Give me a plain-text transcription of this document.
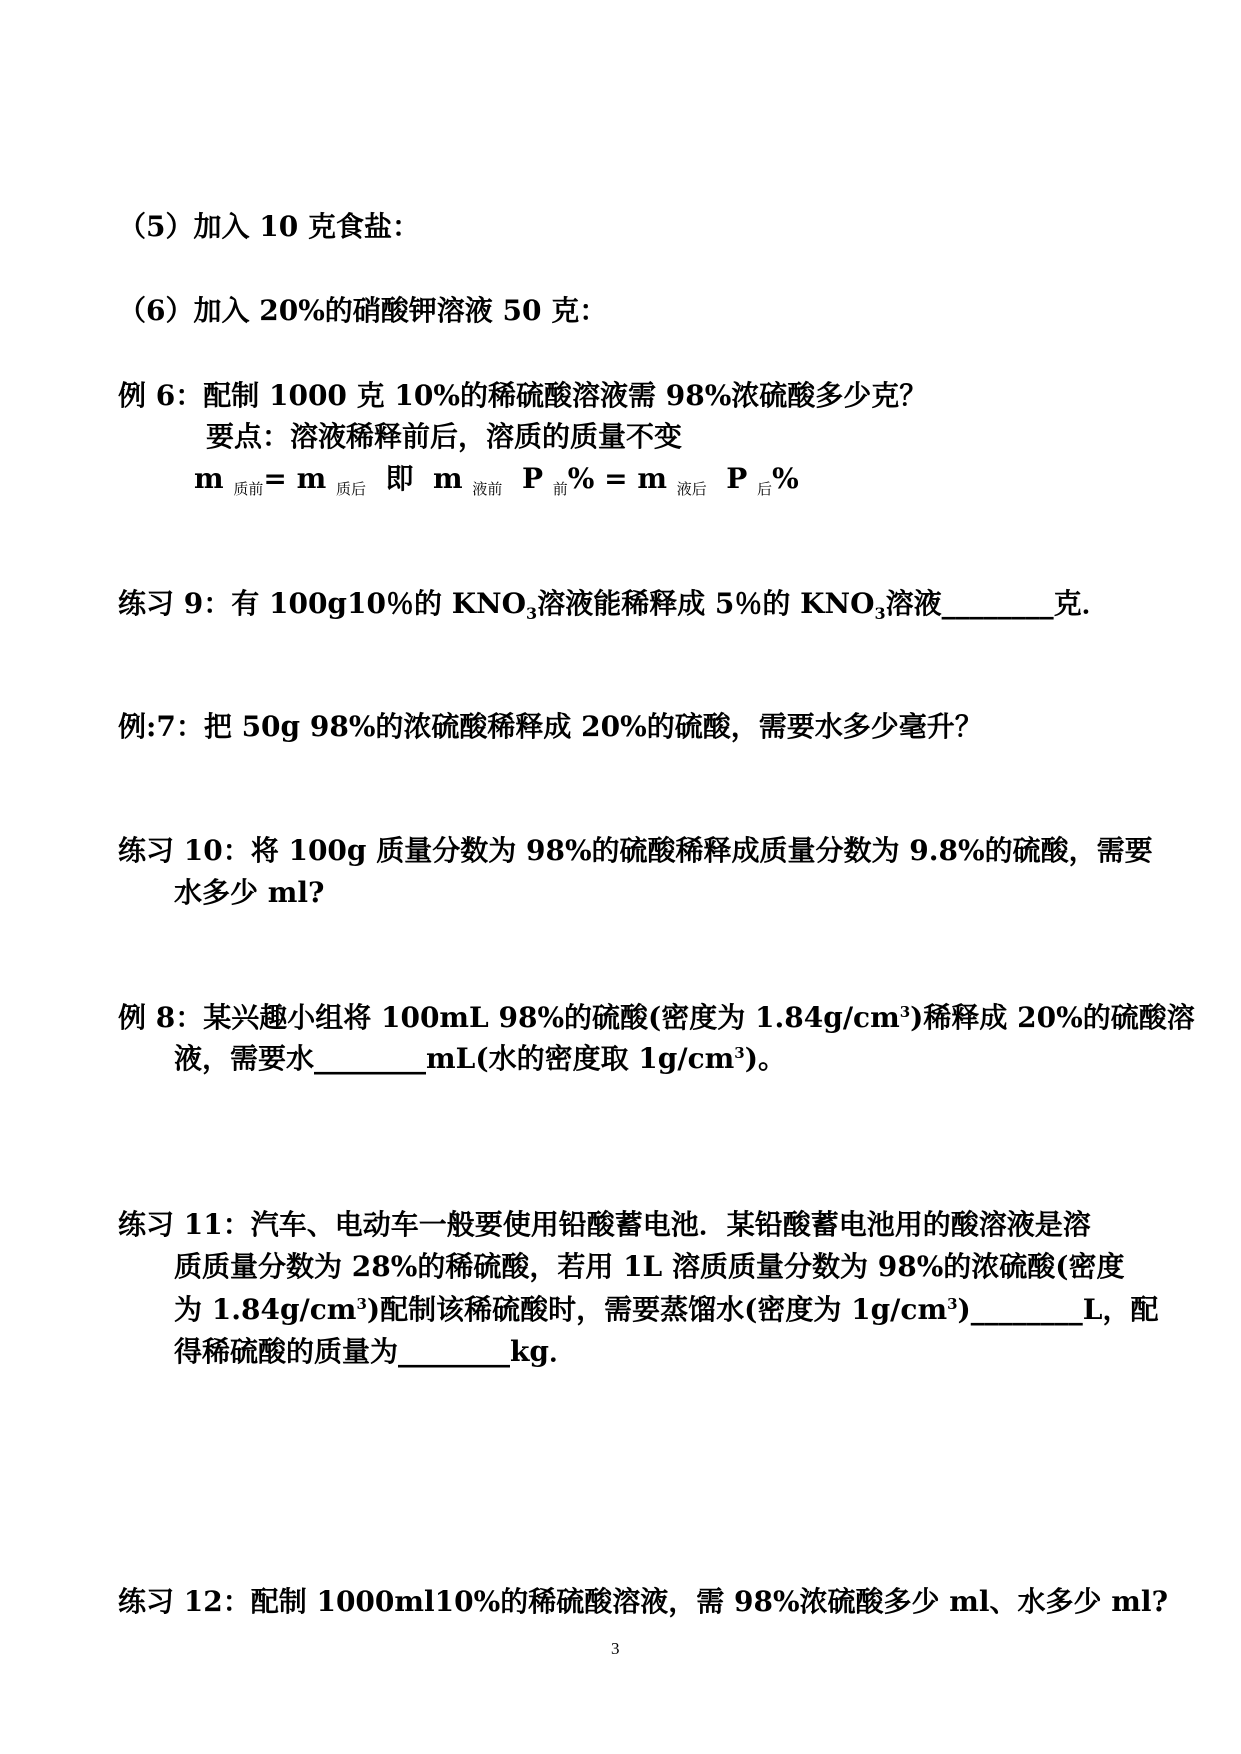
（5）加入 10 克食盐：
（6）加入 20%的硝酸钾溶液 50 克：
例 6：配制 1000 克 10%的稀硫酸溶液需 98%浓硫酸多少克？
要点：溶液稀释前后，溶质的质量不变
m $_{质前}$= m $_{质后}$ 即 m $_{液前}$ P $_前$% = m $_{液后}$ P $_后$%
练习 9：有 100g10％的 $KNO_3$溶液能稀释成 5％的 $KNO_3$溶液________克．
例:7：把 50g 98%的浓硫酸稀释成 20%的硫酸，需要水多少毫升？
练习 10：将 100g 质量分数为 98%的硫酸稀释成质量分数为 9.8%的硫酸，需要
水多少 ml?
例 8：某兴趣小组将 100mL 98%的硫酸(密度为 $1.84g/cm^3$)稀释成 20%的硫酸溶
液，需要水________mL(水的密度取 $1g/cm^3$)。
练习 11：汽车、电动车一般要使用铅酸蓄电池．某铅酸蓄电池用的酸溶液是溶
质质量分数为 28%的稀硫酸，若用 1L 溶质质量分数为 98%的浓硫酸(密度
为 $1.84g/cm^3$)配制该稀硫酸时，需要蒸馏水(密度为 $1g/cm^3)\_\_\_\_\_\_\_\_L$，配
得稀硫酸的质量为________kg．
练习 12：配制 1000ml10%的稀硫酸溶液，需 98%浓硫酸多少 ml、水多少 ml?
3
